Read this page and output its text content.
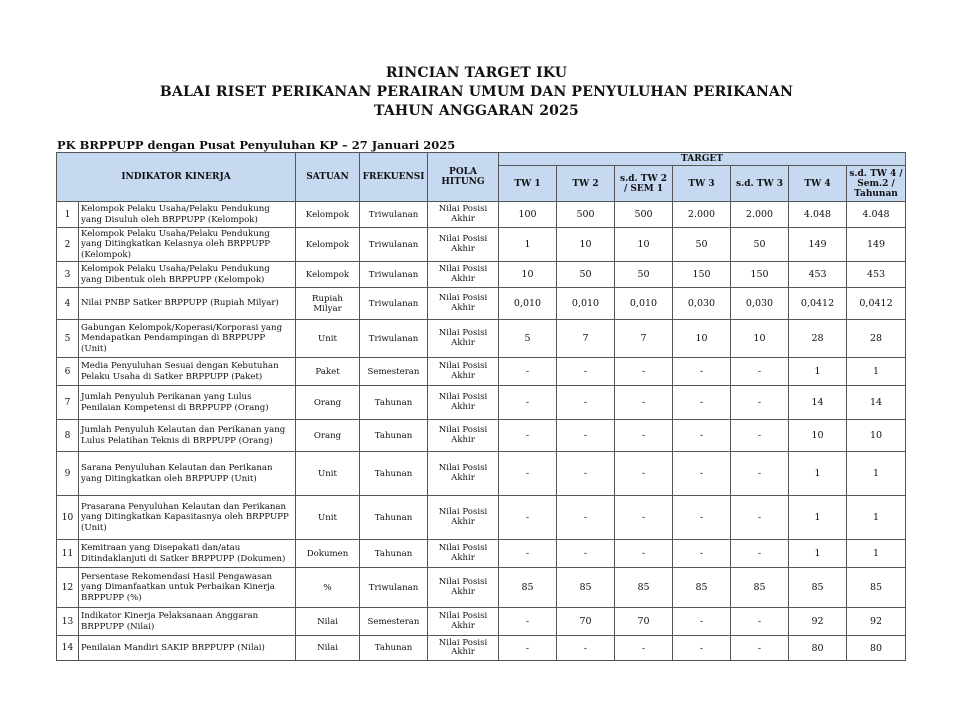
RINCIAN TARGET IKU
BALAI RISET PERIKANAN PERAIRAN UMUM DAN PENYULUHAN PERIKANAN
TAHUN ANGGARAN 2025
PK BRPPUPP dengan Pusat Penyuluhan KP – 27 Januari 2025
INDIKATOR KINERJA		SATUAN	FREKUENSI	POLA HITUNG	TARGET						
					TW 1	TW 2	s.d. TW 2 / SEM 1	TW 3	s.d. TW 3	TW 4	s.d. TW 4 / Sem.2 / Tahunan
1	Kelompok Pelaku Usaha/Pelaku Pendukung yang Disuluh oleh BRPPUPP (Kelompok)	Kelompok	Triwulanan	Nilai Posisi Akhir	100	500	500	2.000	2.000	4.048	4.048
2	Kelompok Pelaku Usaha/Pelaku Pendukung yang Ditingkatkan Kelasnya oleh BRPPUPP (Kelompok)	Kelompok	Triwulanan	Nilai Posisi Akhir	1	10	10	50	50	149	149
3	Kelompok Pelaku Usaha/Pelaku Pendukung yang Dibentuk oleh BRPPUPP (Kelompok)	Kelompok	Triwulanan	Nilai Posisi Akhir	10	50	50	150	150	453	453
4	Nilai PNBP Satker BRPPUPP (Rupiah Milyar)	Rupiah Milyar	Triwulanan	Nilai Posisi Akhir	0,010	0,010	0,010	0,030	0,030	0,0412	0,0412
5	Gabungan Kelompok/Koperasi/Korporasi yang Mendapatkan Pendampingan di BRPPUPP (Unit)	Unit	Triwulanan	Nilai Posisi Akhir	5	7	7	10	10	28	28
6	Media Penyuluhan Sesuai dengan Kebutuhan Pelaku Usaha di Satker BRPPUPP (Paket)	Paket	Semesteran	Nilai Posisi Akhir	-	-	-	-	-	1	1
7	Jumlah Penyuluh Perikanan yang Lulus Penilaian Kompetensi di BRPPUPP (Orang)	Orang	Tahunan	Nilai Posisi Akhir	-	-	-	-	-	14	14
8	Jumlah Penyuluh Kelautan dan Perikanan yang Lulus Pelatihan Teknis di BRPPUPP (Orang)	Orang	Tahunan	Nilai Posisi Akhir	-	-	-	-	-	10	10
9	Sarana Penyuluhan Kelautan dan Perikanan yang Ditingkatkan oleh BRPPUPP (Unit)	Unit	Tahunan	Nilai Posisi Akhir	-	-	-	-	-	1	1
10	Prasarana Penyuluhan Kelautan dan Perikanan yang Ditingkatkan Kapasitasnya oleh BRPPUPP (Unit)	Unit	Tahunan	Nilai Posisi Akhir	-	-	-	-	-	1	1
11	Kemitraan yang Disepakati dan/atau Ditindaklanjuti di Satker BRPPUPP (Dokumen)	Dokumen	Tahunan	Nilai Posisi Akhir	-	-	-	-	-	1	1
12	Persentase Rekomendasi Hasil Pengawasan yang Dimanfaatkan untuk Perbaikan Kinerja BRPPUPP (%)	%	Triwulanan	Nilai Posisi Akhir	85	85	85	85	85	85	85
13	Indikator Kinerja Pelaksanaan Anggaran BRPPUPP (Nilai)	Nilai	Semesteran	Nilai Posisi Akhir	-	70	70	-	-	92	92
14	Penilaian Mandiri SAKIP BRPPUPP (Nilai)	Nilai	Tahunan	Nilai Posisi Akhir	-	-	-	-	-	80	80
